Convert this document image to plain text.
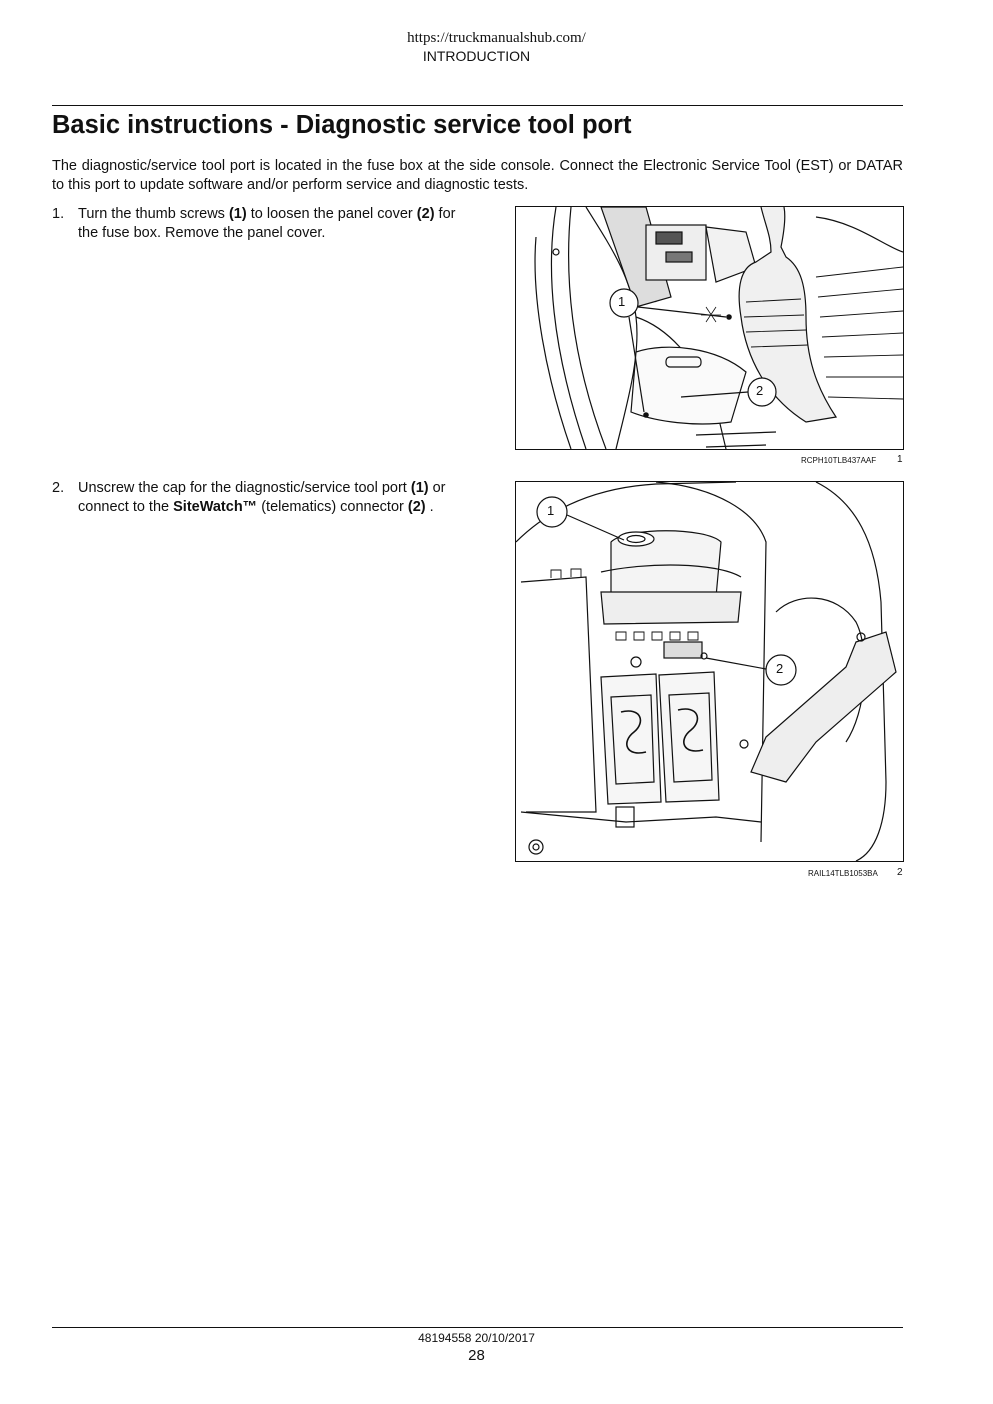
https://truckmanualshub.com/
INTRODUCTION
Basic instructions - Diagnostic service tool port

The diagnostic/service tool port is located in the fuse box at the side console. Connect the Electronic Service Tool (EST) or DATAR to this port to update software and/or perform service and diagnostic tests.

1. Turn the thumb screws (1) to loosen the panel cover (2) for the fuse box. Remove the panel cover.
1
2
RCPH10TLB437AAF 1
2. Unscrew the cap for the diagnostic/service tool port (1) or connect to the SiteWatch™ (telematics) connector (2) .	1
2
RAIL14TLB1053BA 2
48194558 20/10/2017
28
